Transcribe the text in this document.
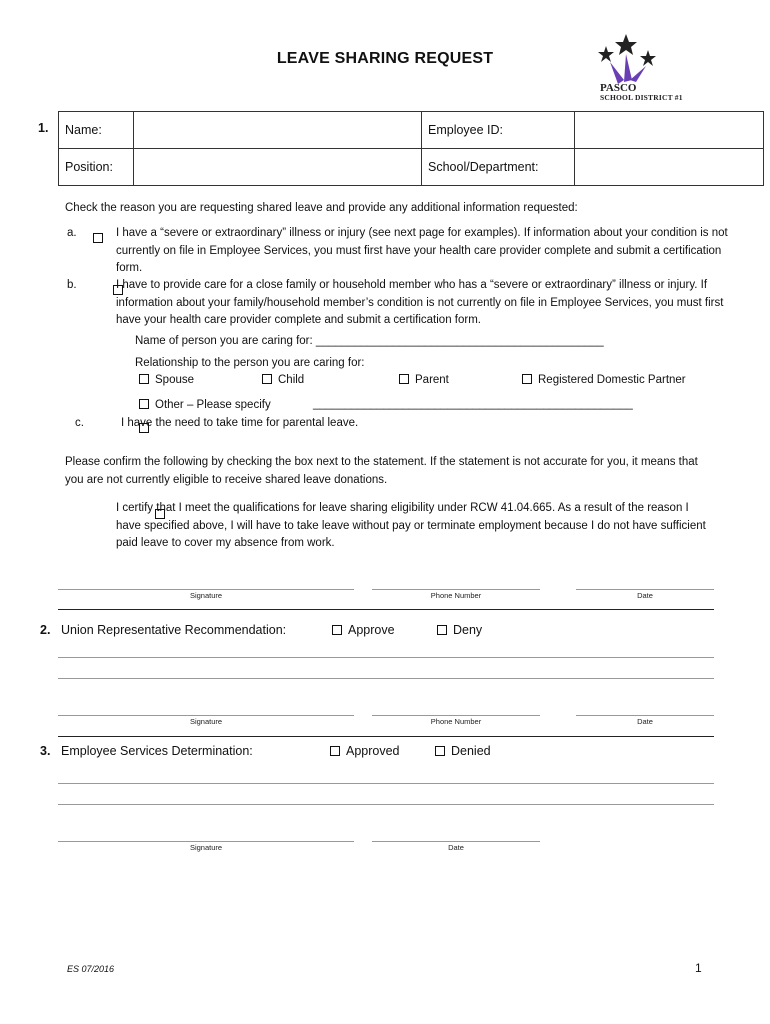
LEAVE SHARING REQUEST
PASCO
SCHOOL DISTRICT #1
1. Name:		Employee ID:	
Position:		School/Department:	
Check the reason you are requesting shared leave and provide any additional information requested:
a.
	I have a “severe or extraordinary” illness or injury (see next page for examples). If information about your condition is not currently on file in Employee Services, you must first have your health care provider complete and submit a certification form.
b.
	I have to provide care for a close family or household member who has a “severe or extraordinary” illness or injury. If information about your family/household member’s condition is not currently on file in Employee Services, you must first have your health care provider complete and submit a certification form.
Name of person you are caring for: _____________________________________________
Relationship to the person you are caring for:
Spouse	Child	Parent	Registered Domestic Partner
Other – Please specify	__________________________________________________
c.
	I have the need to take time for parental leave.
Please confirm the following by checking the box next to the statement. If the statement is not accurate for you, it means that you are not currently eligible to receive shared leave donations.
I certify that I meet the qualifications for leave sharing eligibility under RCW 41.04.665. As a result of the reason I have specified above, I will have to take leave without pay or terminate employment because I do not have sufficient paid leave to cover my absence from work.
Signature	Phone Number	Date
2. Union Representative Recommendation:	Approve	Deny
Signature	Phone Number	Date
3. Employee Services Determination:	Approved	Denied
Signature	Date
ES 07/2016	1
